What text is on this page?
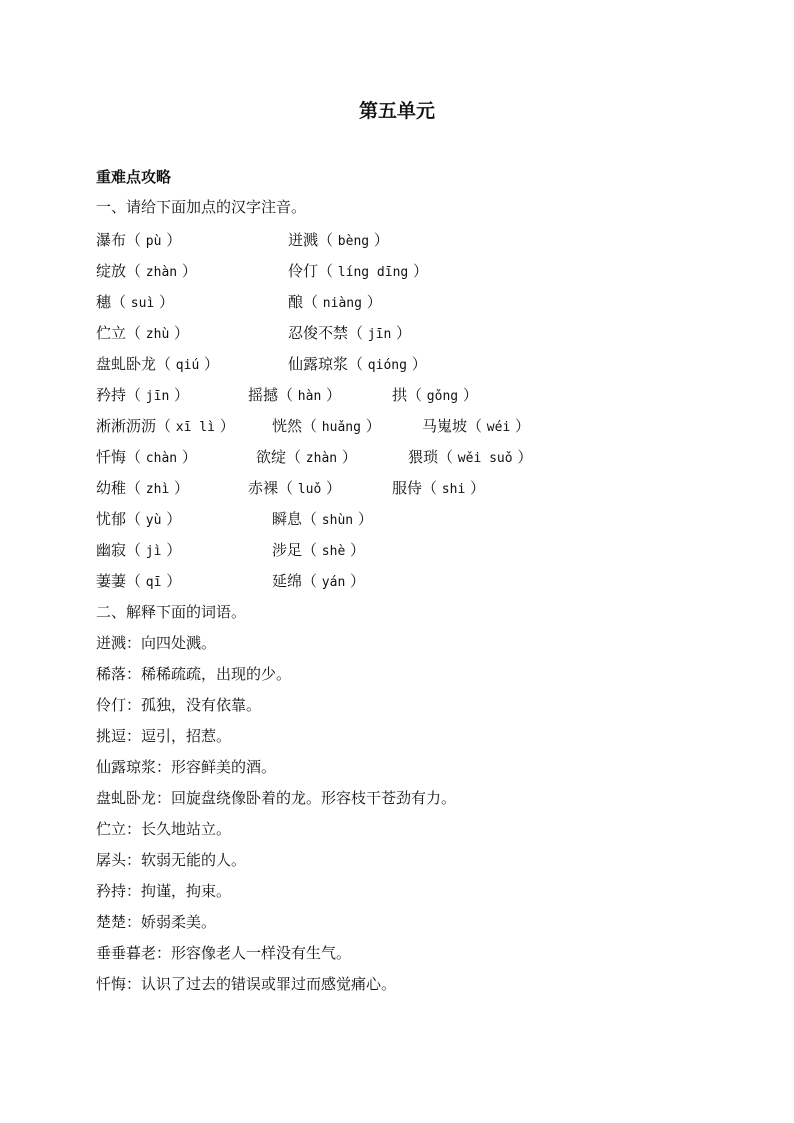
第五单元
重难点攻略
一、请给下面加点的汉字注音。
瀑布（ pù ）	迸溅（ bèng ）
绽放（ zhàn ）	伶仃（ líng dīng ）
穗（ suì ）	酿（ niàng ）
伫立（ zhù ）	忍俊不禁（ jīn ）
盘虬卧龙（ qiú ）	仙露琼浆（ qióng ）
矜持（ jīn ）	摇撼（ hàn ）	拱（ gǒng ）
淅淅沥沥（ xī lì ） 恍然（ huǎng ）	马嵬坡（ wéi ）
忏悔（ chàn ）	欲绽（ zhàn ）	猥琐（ wěi suǒ ）
幼稚（ zhì ）	赤裸（ luǒ ）	服侍（ shi ）
忧郁（ yù ）	瞬息（ shùn ）
幽寂（ jì ）	涉足（ shè ）
萋萋（ qī ）	延绵（ yán ）
二、解释下面的词语。
迸溅：向四处溅。
稀落：稀稀疏疏，出现的少。
伶仃：孤独，没有依靠。
挑逗：逗引，招惹。
仙露琼浆：形容鲜美的酒。
盘虬卧龙：回旋盘绕像卧着的龙。形容枝干苍劲有力。
伫立：长久地站立。
孱头：软弱无能的人。
矜持：拘谨，拘束。
楚楚：娇弱柔美。
垂垂暮老：形容像老人一样没有生气。
忏悔：认识了过去的错误或罪过而感觉痛心。
